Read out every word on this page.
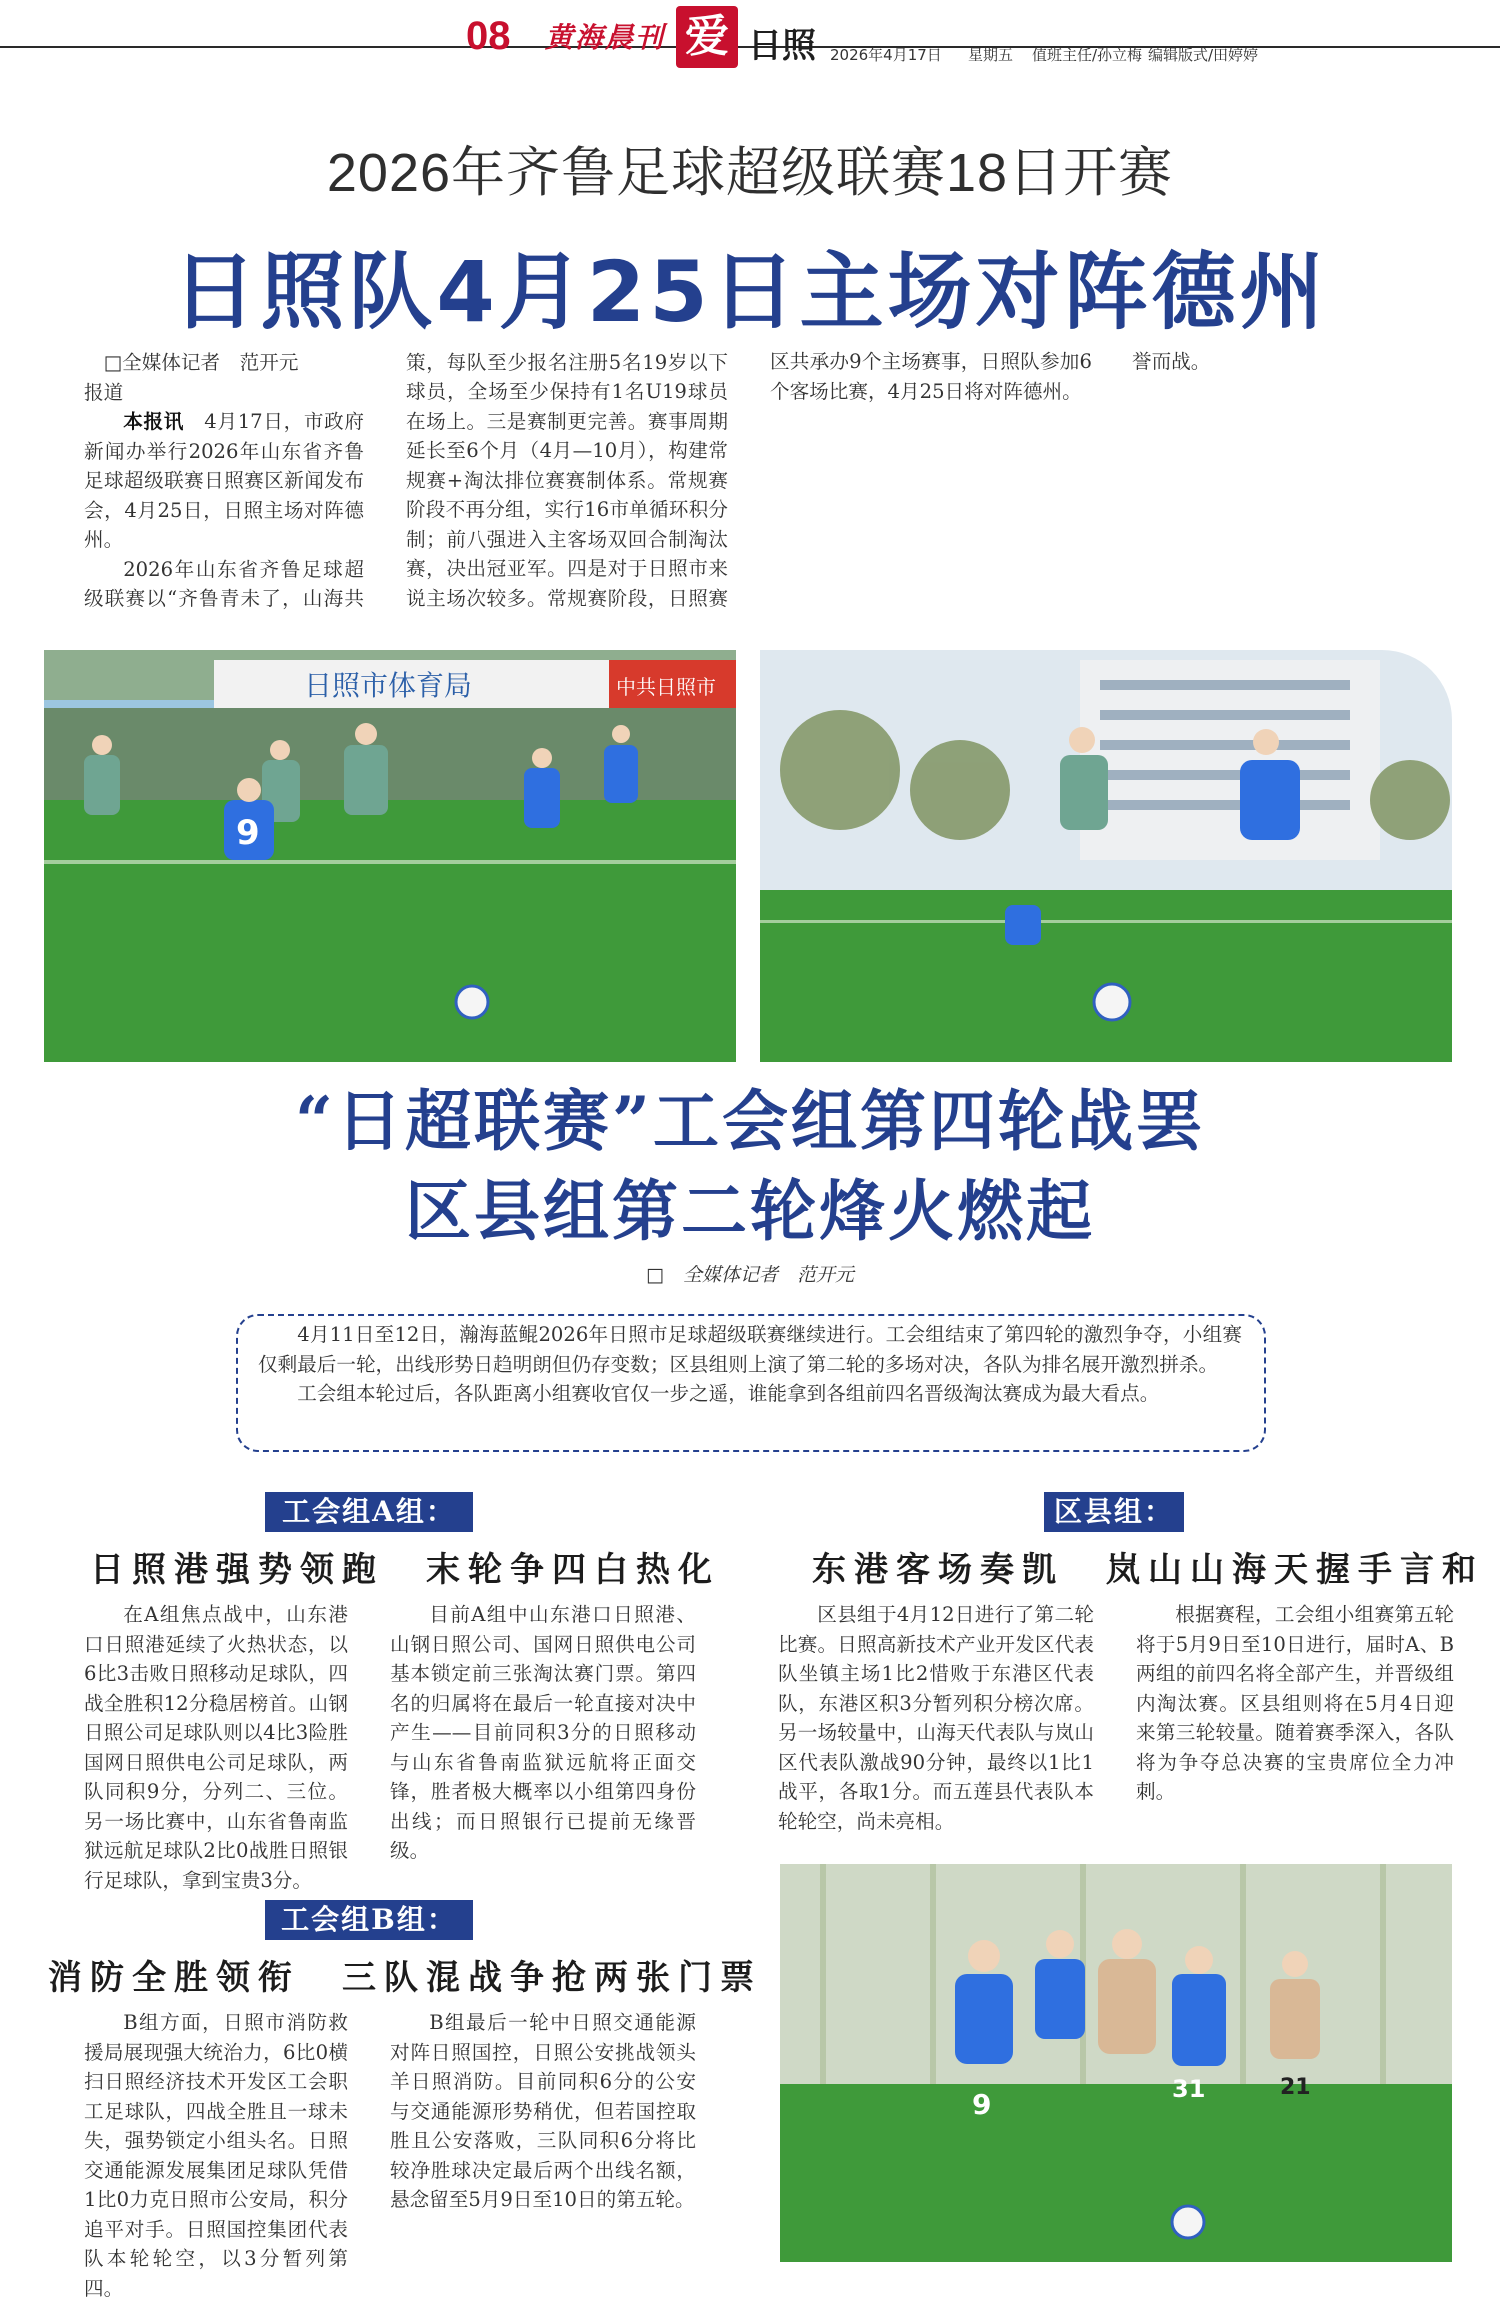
08 黄海晨刊 爱 日照 2026年4月17日 星期五 值班主任/孙立梅 编辑版式/田婷婷
2026年齐鲁足球超级联赛18日开赛
日照队4月25日主场对阵德州

□全媒体记者　范开元

报道

本报讯　 4月17日，市政府新闻办举行2026年山东省齐鲁足球超级联赛日照赛区新闻发布会，4月25日，日照主场对阵德州。

2026年山东省齐鲁足球超级联赛以“齐鲁青未了，山海共

策，每队至少报名注册5名19岁以下球员，全场至少保持有1名U19球员在场上。三是赛制更完善。赛事周期延长至6个月（4月—10月），构建常规赛+淘汰排位赛赛制体系。常规赛阶段不再分组，实行16市单循环积分制；前八强进入主客场双回合制淘汰赛，决出冠亚军。四是对于日照市来说主场次较多。常规赛阶段，日照赛

区共承办9个主场赛事，日照队参加6个客场比赛，4月25日将对阵德州。

誉而战。

日照市体育局	中共日照市
9
“日超联赛”工会组第四轮战罢
区县组第二轮烽火燃起
□　全媒体记者　范开元

4月11日至12日，瀚海蓝鲲2026年日照市足球超级联赛继续进行。工会组结束了第四轮的激烈争夺，小组赛仅剩最后一轮，出线形势日趋明朗但仍存变数；区县组则上演了第二轮的多场对决，各队为排名展开激烈拼杀。

工会组本轮过后，各队距离小组赛收官仅一步之遥，谁能拿到各组前四名晋级淘汰赛成为最大看点。

工会组A组：
日照港强势领跑　末轮争四白热化

在A组焦点战中，山东港口日照港延续了火热状态，以6比3击败日照移动足球队，四战全胜积12分稳居榜首。山钢日照公司足球队则以4比3险胜国网日照供电公司足球队，两队同积9分，分列二、三位。另一场比赛中，山东省鲁南监狱远航足球队2比0战胜日照银行足球队，拿到宝贵3分。

目前A组中山东港口日照港、山钢日照公司、国网日照供电公司基本锁定前三张淘汰赛门票。第四名的归属将在最后一轮直接对决中产生——目前同积3分的日照移动与山东省鲁南监狱远航将正面交锋，胜者极大概率以小组第四身份出线；而日照银行已提前无缘晋级。

工会组B组：
消防全胜领衔　三队混战争抢两张门票

B组方面，日照市消防救援局展现强大统治力，6比0横扫日照经济技术开发区工会职工足球队，四战全胜且一球未失，强势锁定小组头名。日照交通能源发展集团足球队凭借1比0力克日照市公安局，积分追平对手。日照国控集团代表队本轮轮空，以3分暂列第四。

B组最后一轮中日照交通能源对阵日照国控，日照公安挑战领头羊日照消防。目前同积6分的公安与交通能源形势稍优，但若国控取胜且公安落败，三队同积6分将比较净胜球决定最后两个出线名额，悬念留至5月9日至10日的第五轮。

区县组：
东港客场奏凯　岚山山海天握手言和

区县组于4月12日进行了第二轮比赛。日照高新技术产业开发区代表队坐镇主场1比2惜败于东港区代表队，东港区积3分暂列积分榜次席。另一场较量中，山海天代表队与岚山区代表队激战90分钟，最终以1比1战平，各取1分。而五莲县代表队本轮轮空，尚未亮相。

根据赛程，工会组小组赛第五轮将于5月9日至10日进行，届时A、B两组的前四名将全部产生，并晋级组内淘汰赛。区县组则将在5月4日迎来第三轮较量。随着赛季深入，各队将为争夺总决赛的宝贵席位全力冲刺。

9	31	21
